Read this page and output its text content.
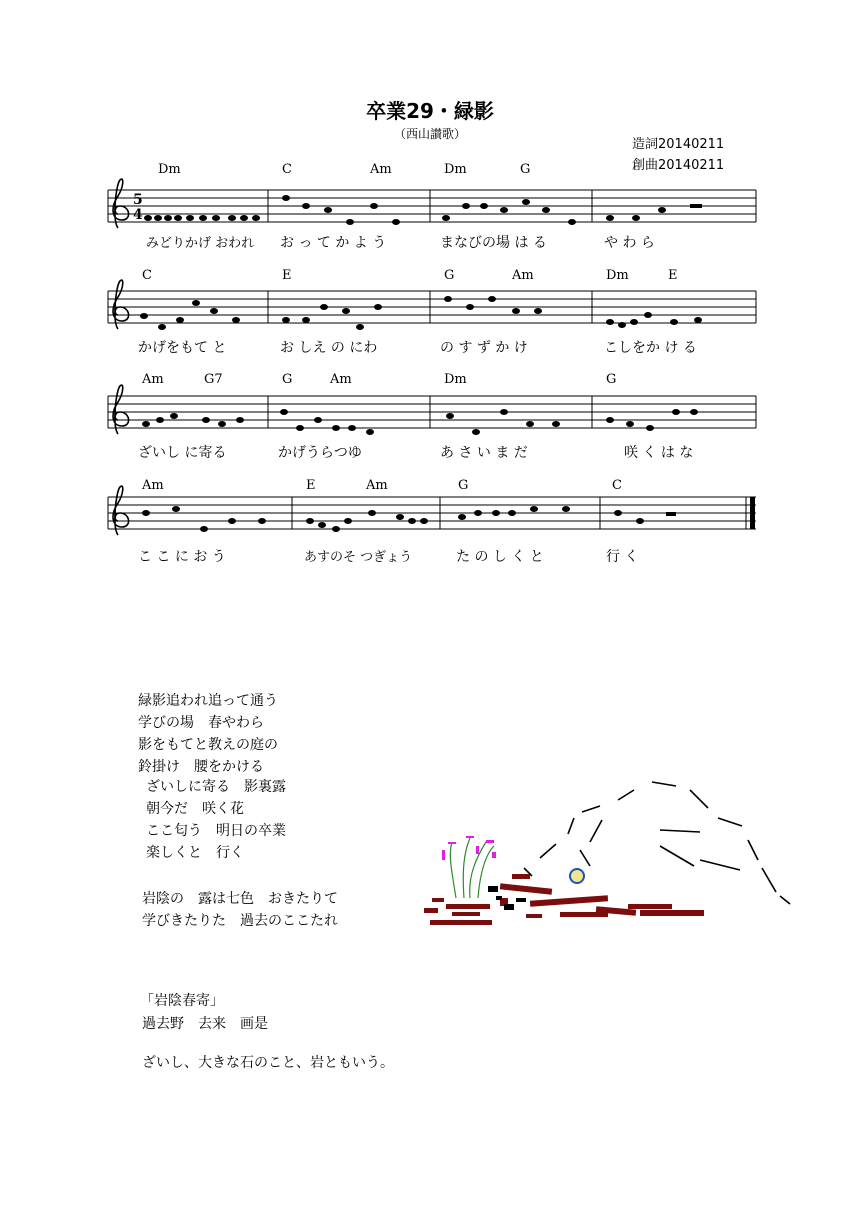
卒業29・緑影
（西山讃歌）
造詞20140211
創曲20140211
5
4
Dm	C	Am	Dm	G
C	E	G	Am	Dm	E
Am	G7	G	Am	Dm	G
Am	E	Am	G	C
みどりかげ おわれ お っ て か よ う	まなびの場 は る	や わ ら
かげをもて と	お しえ の にわ	の す ず か け	こしをか け る
ざいし に寄る	かげうらつゆ	あ さ い ま だ	咲 く は な
こ こ に お う	あすのそ つぎょう	た の し く と	行 く
緑影追われ追って通う
学びの場　春やわら
影をもてと教えの庭の
鈴掛け　腰をかける
ざいしに寄る　影裏露
朝今だ　咲く花
ここ匂う　明日の卒業
楽しくと　行く
岩陰の　露は七色　おきたりて
学びきたりた　過去のここたれ
「岩陰春寄」
過去野　去来　画是
ざいし、大きな石のこと、岩ともいう。
